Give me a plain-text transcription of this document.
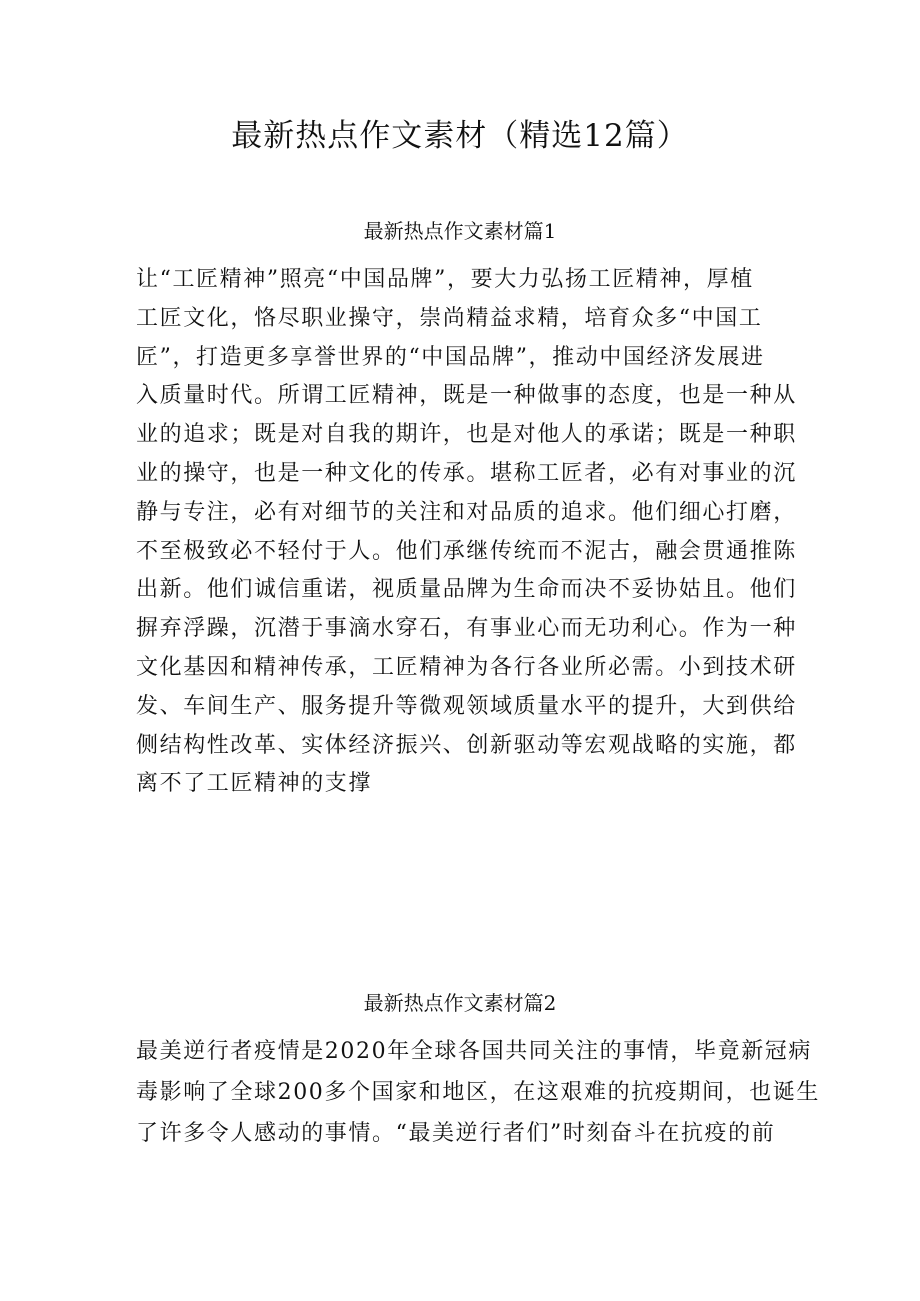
最新热点作文素材（精选12篇）
最新热点作文素材篇1
让“工匠精神”照亮“中国品牌”，要大力弘扬工匠精神，厚植
工匠文化，恪尽职业操守，崇尚精益求精，培育众多“中国工
匠”，打造更多享誉世界的“中国品牌”，推动中国经济发展进
入质量时代。所谓工匠精神，既是一种做事的态度，也是一种从
业的追求；既是对自我的期许，也是对他人的承诺；既是一种职
业的操守，也是一种文化的传承。堪称工匠者，必有对事业的沉
静与专注，必有对细节的关注和对品质的追求。他们细心打磨，
不至极致必不轻付于人。他们承继传统而不泥古，融会贯通推陈
出新。他们诚信重诺，视质量品牌为生命而决不妥协姑且。他们
摒弃浮躁，沉潜于事滴水穿石，有事业心而无功利心。作为一种
文化基因和精神传承，工匠精神为各行各业所必需。小到技术研
发、车间生产、服务提升等微观领域质量水平的提升，大到供给
侧结构性改革、实体经济振兴、创新驱动等宏观战略的实施，都
离不了工匠精神的支撑
最新热点作文素材篇2
最美逆行者疫情是2020年全球各国共同关注的事情，毕竟新冠病
毒影响了全球200多个国家和地区，在这艰难的抗疫期间，也诞生
了许多令人感动的事情。“最美逆行者们”时刻奋斗在抗疫的前
